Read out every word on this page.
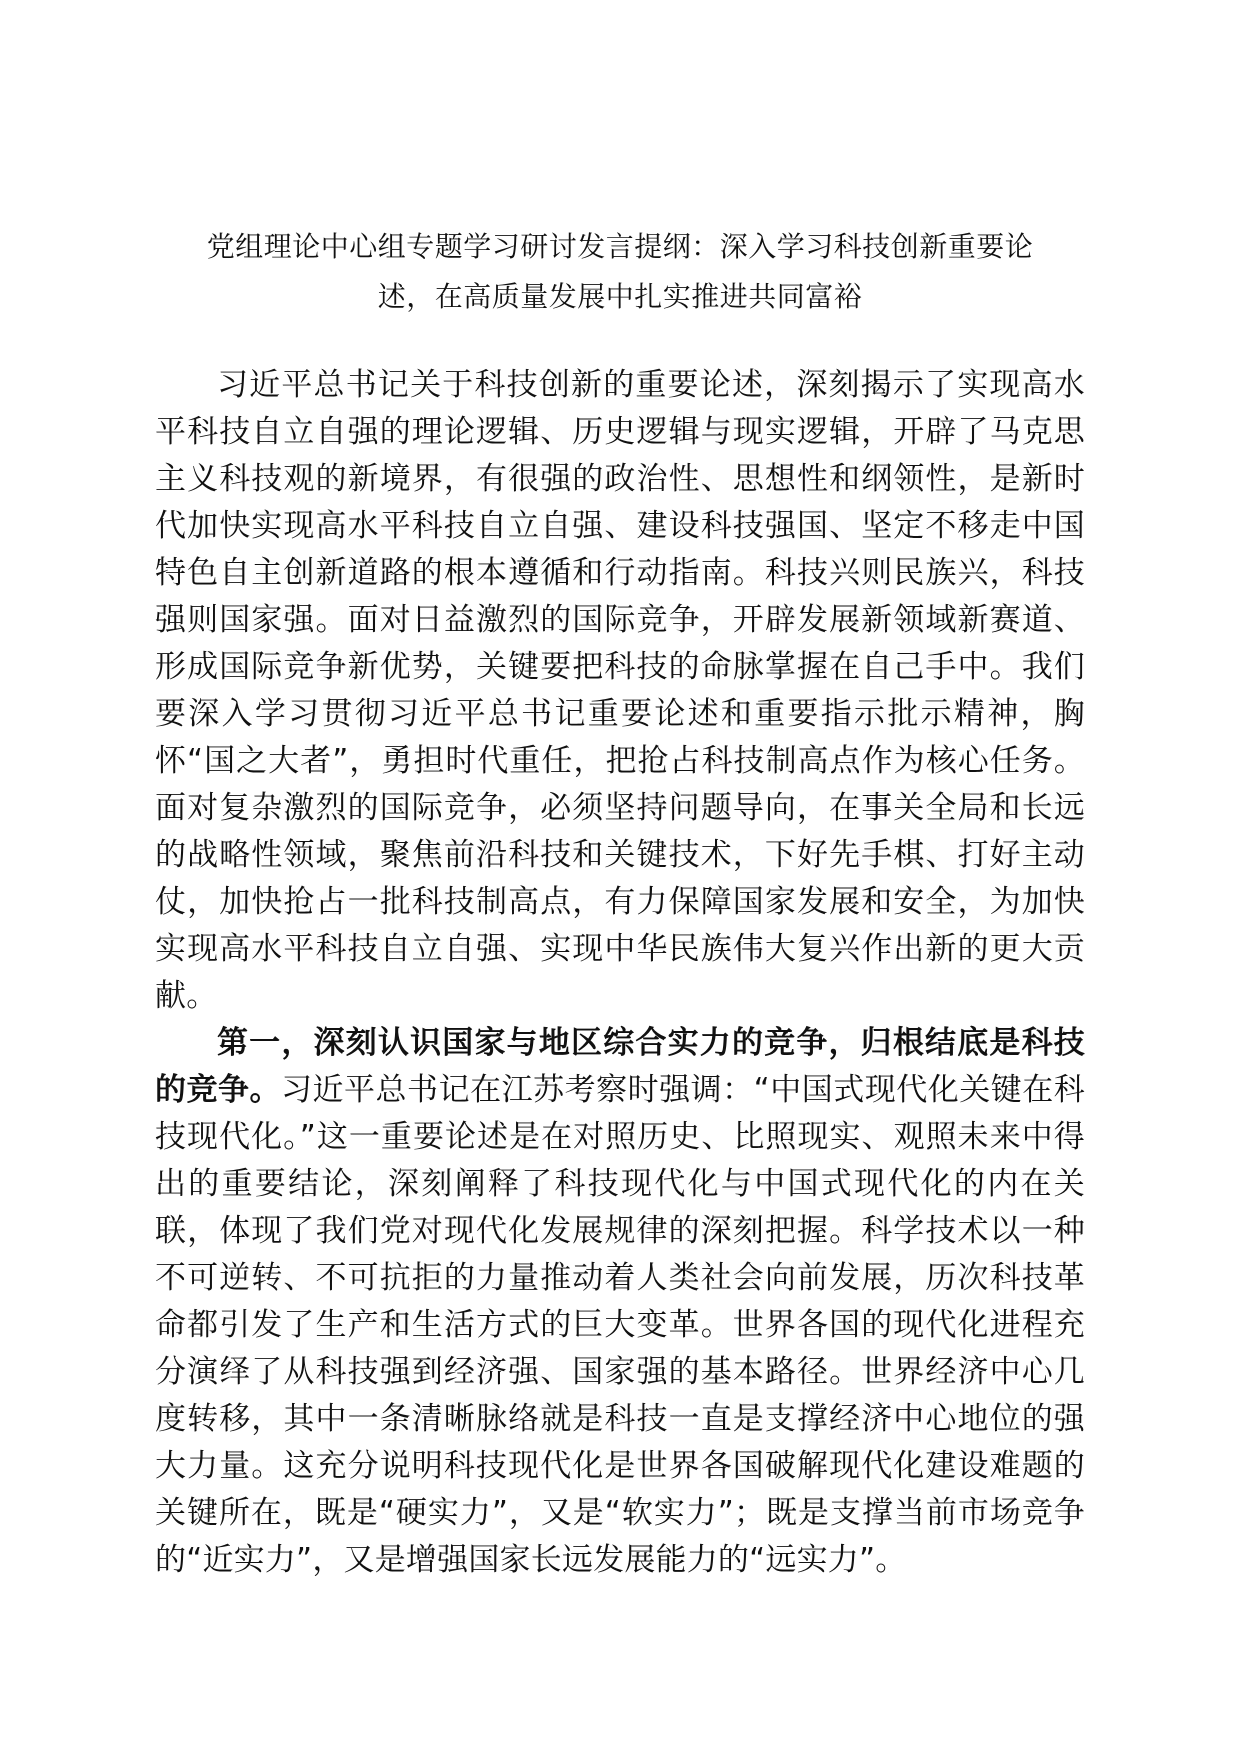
党组理论中心组专题学习研讨发言提纲：深入学习科技创新重要论
述，在高质量发展中扎实推进共同富裕

习近平总书记关于科技创新的重要论述，深刻揭示了实现高水平科技自立自强的理论逻辑、历史逻辑与现实逻辑，开辟了马克思主义科技观的新境界，有很强的政治性、思想性和纲领性，是新时代加快实现高水平科技自立自强、建设科技强国、坚定不移走中国特色自主创新道路的根本遵循和行动指南。科技兴则民族兴，科技强则国家强。面对日益激烈的国际竞争，开辟发展新领域新赛道、形成国际竞争新优势，关键要把科技的命脉掌握在自己手中。我们要深入学习贯彻习近平总书记重要论述和重要指示批示精神，胸怀“国之大者”，勇担时代重任，把抢占科技制高点作为核心任务。面对复杂激烈的国际竞争，必须坚持问题导向，在事关全局和长远的战略性领域，聚焦前沿科技和关键技术，下好先手棋、打好主动仗，加快抢占一批科技制高点，有力保障国家发展和安全，为加快实现高水平科技自立自强、实现中华民族伟大复兴作出新的更大贡献。

第一，深刻认识国家与地区综合实力的竞争，归根结底是科技的竞争。习近平总书记在江苏考察时强调：“中国式现代化关键在科技现代化。”这一重要论述是在对照历史、比照现实、观照未来中得出的重要结论，深刻阐释了科技现代化与中国式现代化的内在关联，体现了我们党对现代化发展规律的深刻把握。科学技术以一种不可逆转、不可抗拒的力量推动着人类社会向前发展，历次科技革命都引发了生产和生活方式的巨大变革。世界各国的现代化进程充分演绎了从科技强到经济强、国家强的基本路径。世界经济中心几度转移，其中一条清晰脉络就是科技一直是支撑经济中心地位的强大力量。这充分说明科技现代化是世界各国破解现代化建设难题的关键所在，既是“硬实力”，又是“软实力”；既是支撑当前市场竞争的“近实力”，又是增强国家长远发展能力的“远实力”。
